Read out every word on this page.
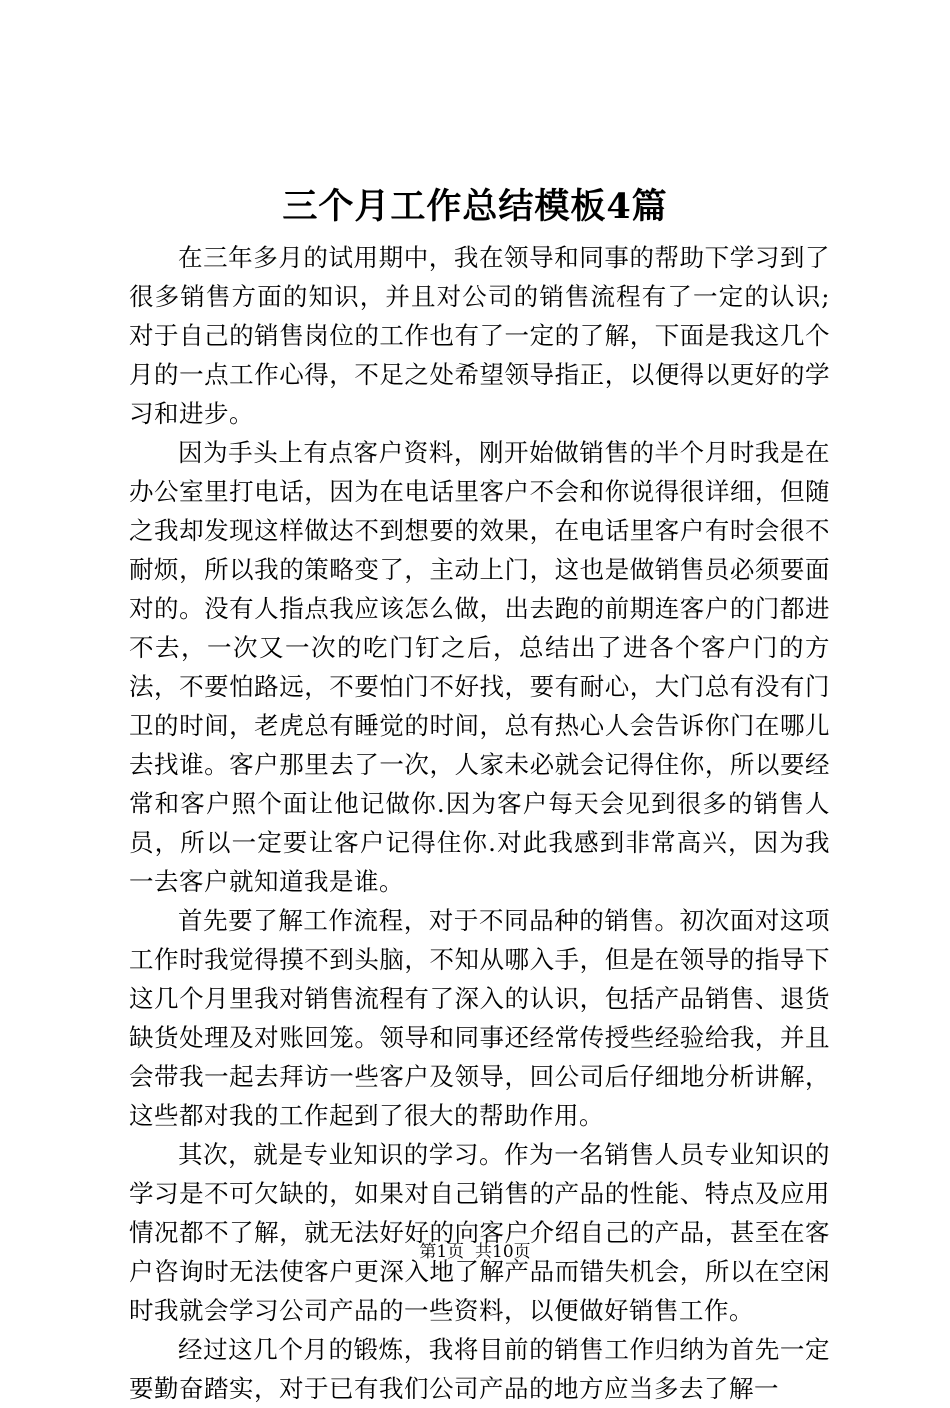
三个月工作总结模板4篇

在三年多月的试用期中，我在领导和同事的帮助下学习到了很多销售方面的知识，并且对公司的销售流程有了一定的认识;对于自己的销售岗位的工作也有了一定的了解，下面是我这几个月的一点工作心得，不足之处希望领导指正，以便得以更好的学习和进步。

因为手头上有点客户资料，刚开始做销售的半个月时我是在办公室里打电话，因为在电话里客户不会和你说得很详细，但随之我却发现这样做达不到想要的效果，在电话里客户有时会很不耐烦，所以我的策略变了，主动上门，这也是做销售员必须要面对的。没有人指点我应该怎么做，出去跑的前期连客户的门都进不去，一次又一次的吃门钉之后，总结出了进各个客户门的方法，不要怕路远，不要怕门不好找，要有耐心，大门总有没有门卫的时间，老虎总有睡觉的时间，总有热心人会告诉你门在哪儿去找谁。客户那里去了一次，人家未必就会记得住你，所以要经常和客户照个面让他记做你.因为客户每天会见到很多的销售人员，所以一定要让客户记得住你.对此我感到非常高兴，因为我一去客户就知道我是谁。

首先要了解工作流程，对于不同品种的销售。初次面对这项工作时我觉得摸不到头脑，不知从哪入手，但是在领导的指导下这几个月里我对销售流程有了深入的认识，包括产品销售、退货缺货处理及对账回笼。领导和同事还经常传授些经验给我，并且会带我一起去拜访一些客户及领导，回公司后仔细地分析讲解，这些都对我的工作起到了很大的帮助作用。

其次，就是专业知识的学习。作为一名销售人员专业知识的学习是不可欠缺的，如果对自己销售的产品的性能、特点及应用情况都不了解，就无法好好的向客户介绍自己的产品，甚至在客户咨询时无法使客户更深入地了解产品而错失机会，所以在空闲时我就会学习公司产品的一些资料，以便做好销售工作。

经过这几个月的锻炼，我将目前的销售工作归纳为首先一定要勤奋踏实，对于已有我们公司产品的地方应当多去了解一

第1页 共10页
